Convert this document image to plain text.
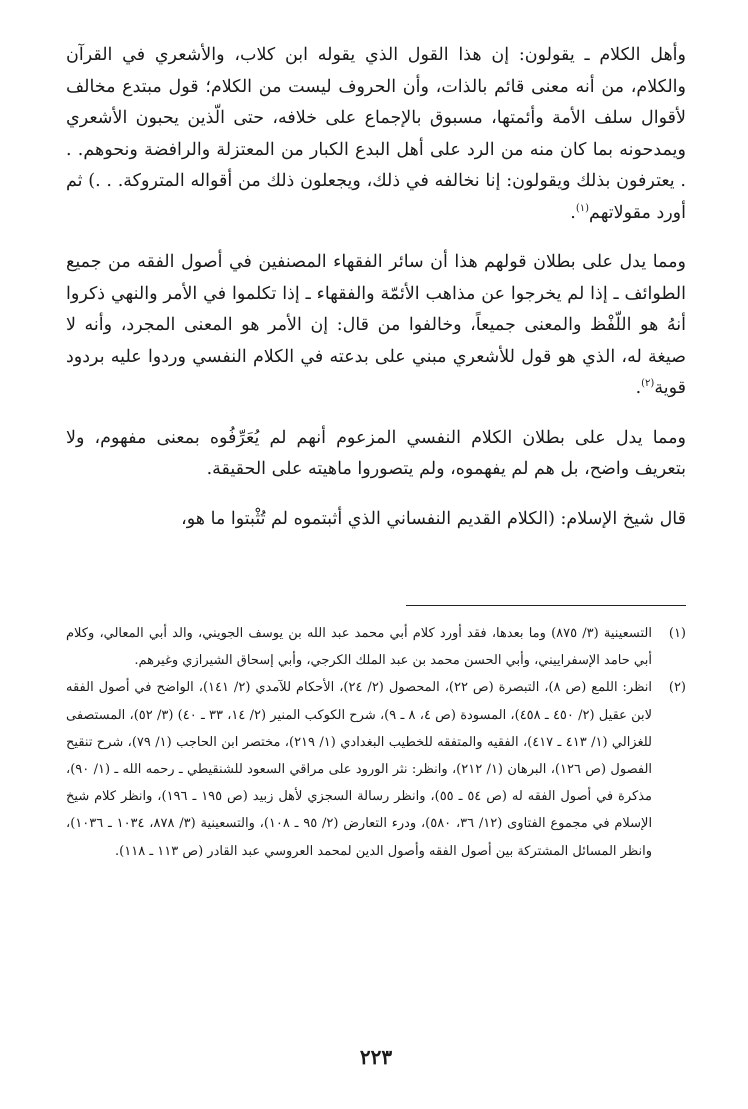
وأهل الكلام ـ يقولون: إن هذا القول الذي يقوله ابن كلاب، والأشعري في القرآن والكلام، من أنه معنى قائم بالذات، وأن الحروف ليست من الكلام؛ قول مبتدع مخالف لأقوال سلف الأمة وأئمتها، مسبوق بالإجماع على خلافه، حتى الّذين يحبون الأشعري ويمدحونه بما كان منه من الرد على أهل البدع الكبار من المعتزلة والرافضة ونحوهم. . . يعترفون بذلك ويقولون: إنا نخالفه في ذلك، ويجعلون ذلك من أقواله المتروكة. . .) ثم أورد مقولاتهم$^{(١)}$.

ومما يدل على بطلان قولهم هذا أن سائر الفقهاء المصنفين في أصول الفقه من جميع الطوائف ـ إذا لم يخرجوا عن مذاهب الأئمّة والفقهاء ـ إذا تكلموا في الأمر والنهي ذكروا أنهُ هو اللّفْظ والمعنى جميعاً، وخالفوا من قال: إن الأمر هو المعنى المجرد، وأنه لا صيغة له، الذي هو قول للأشعري مبني على بدعته في الكلام النفسي وردوا عليه بردود قوية$^{(٢)}$.

ومما يدل على بطلان الكلام النفسي المزعوم أنهم لم يُعَرِّفُوه بمعنى مفهوم، ولا بتعريف واضح، بل هم لم يفهموه، ولم يتصوروا ماهيته على الحقيقة.

قال شيخ الإسلام: (الكلام القديم النفساني الذي أثبتموه لم تُثْبتوا ما هو،

(١)
التسعينية (٣/ ٨٧٥) وما بعدها، فقد أورد كلام أبي محمد عبد الله بن يوسف الجويني، والد أبي المعالي، وكلام أبي حامد الإسفراييني، وأبي الحسن محمد بن عبد الملك الكرجي، وأبي إسحاق الشيرازي وغيرهم.
(٢)
انظر: اللمع (ص ٨)، التبصرة (ص ٢٢)، المحصول (٢/ ٢٤)، الأحكام للآمدي (٢/ ١٤١)، الواضح في أصول الفقه لابن عقيل (٢/ ٤٥٠ ـ ٤٥٨)، المسودة (ص ٤، ٨ ـ ٩)، شرح الكوكب المنير (٢/ ١٤، ٣٣ ـ ٤٠) (٣/ ٥٢)، المستصفى للغزالي (١/ ٤١٣ ـ ٤١٧)، الفقيه والمتفقه للخطيب البغدادي (١/ ٢١٩)، مختصر ابن الحاجب (١/ ٧٩)، شرح تنقيح الفصول (ص ١٢٦)، البرهان (١/ ٢١٢)، وانظر: نثر الورود على مراقي السعود للشنقيطي ـ رحمه الله ـ (١/ ٩٠)، مذكرة في أصول الفقه له (ص ٥٤ ـ ٥٥)، وانظر رسالة السجزي لأهل زبيد (ص ١٩٥ ـ ١٩٦)، وانظر كلام شيخ الإسلام في مجموع الفتاوى (١٢/ ٣٦، ٥٨٠)، ودرء التعارض (٢/ ٩٥ ـ ١٠٨)، والتسعينية (٣/ ٨٧٨، ١٠٣٤ ـ ١٠٣٦)، وانظر المسائل المشتركة بين أصول الفقه وأصول الدين لمحمد العروسي عبد القادر (ص ١١٣ ـ ١١٨).
٢٢٣
